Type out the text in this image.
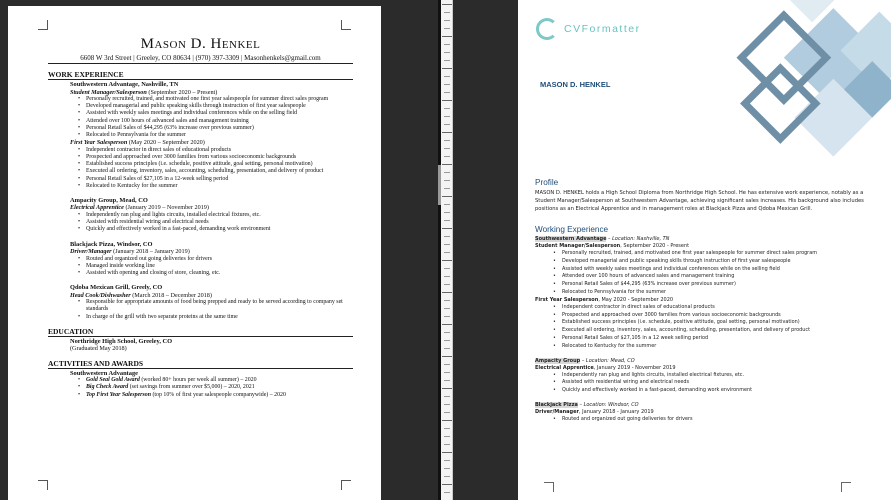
Mason D. Henkel
6608 W 3rd Street | Greeley, CO 80634 | (970) 397-3309 | Masonhenkels@gmail.com
WORK EXPERIENCE
Southwestern Advantage, Nashville, TN
Student Manager/Salesperson (September 2020 – Present)
• Personally recruited, trained, and motivated one first year salespeople for summer direct sales program
• Developed managerial and public speaking skills through instruction of first year salespeople
• Assisted with weekly sales meetings and individual conferences while on the selling field
• Attended over 100 hours of advanced sales and management training
• Personal Retail Sales of $44,295 (63% increase over previous summer)
• Relocated to Pennsylvania for the summer
First Year Salesperson (May 2020 – September 2020)
• Independent contractor in direct sales of educational products
• Prospected and approached over 3000 families from various socioeconomic backgrounds
• Established success principles (i.e. schedule, positive attitude, goal setting, personal motivation)
• Executed all ordering, inventory, sales, accounting, scheduling, presentation, and delivery of product
• Personal Retail Sales of $27,105 in a 12-week selling period
• Relocated to Kentucky for the summer
Ampacity Group, Mead, CO
Electrical Apprentice (January 2019 – November 2019)
• Independently ran plug and lights circuits, installed electrical fixtures, etc.
• Assisted with residential wiring and electrical needs
• Quickly and effectively worked in a fast-paced, demanding work environment
Blackjack Pizza, Windsor, CO
Driver/Manager (January 2018 – January 2019)
• Routed and organized out going deliveries for drivers
• Managed inside working line
• Assisted with opening and closing of store, cleaning, etc.
Qdoba Mexican Grill, Greely, CO
Head Cook/Dishwasher (March 2018 – December 2018)
• Responsible for appropriate amounts of food being prepped and ready to be served according to company set standards
• In charge of the grill with two separate proteins at the same time
EDUCATION
Northridge High School, Greeley, CO
(Graduated May 2018)
ACTIVITIES AND AWARDS
Southwestern Advantage
• Gold Seal Gold Award (worked 80+ hours per week all summer) – 2020
• Big Check Award (set savings from summer over $5,000) – 2020, 2021
• Top First Year Salesperson (top 10% of first year salespeople companywide) – 2020
CVFormatter
MASON D. HENKEL
Profile
MASON D. HENKEL holds a High School Diploma from Northridge High School. He has extensive work experience, notably as a Student Manager/Salesperson at Southwestern Advantage, achieving significant sales increases. His background also includes positions as an Electrical Apprentice and in management roles at Blackjack Pizza and Qdoba Mexican Grill.
Working Experience
Southwestern Advantage – Location: Nashville, TN
Student Manager/Salesperson, September 2020 - Present
• Personally recruited, trained, and motivated one first year salespeople for summer direct sales program
• Developed managerial and public speaking skills through instruction of first year salespeople
• Assisted with weekly sales meetings and individual conferences while on the selling field
• Attended over 100 hours of advanced sales and management training
• Personal Retail Sales of $44,295 (63% increase over previous summer)
• Relocated to Pennsylvania for the summer
First Year Salesperson, May 2020 - September 2020
• Independent contractor in direct sales of educational products
• Prospected and approached over 3000 families from various socioeconomic backgrounds
• Established success principles (i.e. schedule, positive attitude, goal setting, personal motivation)
• Executed all ordering, inventory, sales, accounting, scheduling, presentation, and delivery of product
• Personal Retail Sales of $27,105 in a 12 week selling period
• Relocated to Kentucky for the summer
Ampacity Group – Location: Mead, CO
Electrical Apprentice, January 2019 - November 2019
• Independently ran plug and lights circuits, installed electrical fixtures, etc.
• Assisted with residential wiring and electrical needs
• Quickly and effectively worked in a fast-paced, demanding work environment
Blackjack Pizza – Location: Windsor, CO
Driver/Manager, January 2018 - January 2019
• Routed and organized out going deliveries for drivers
